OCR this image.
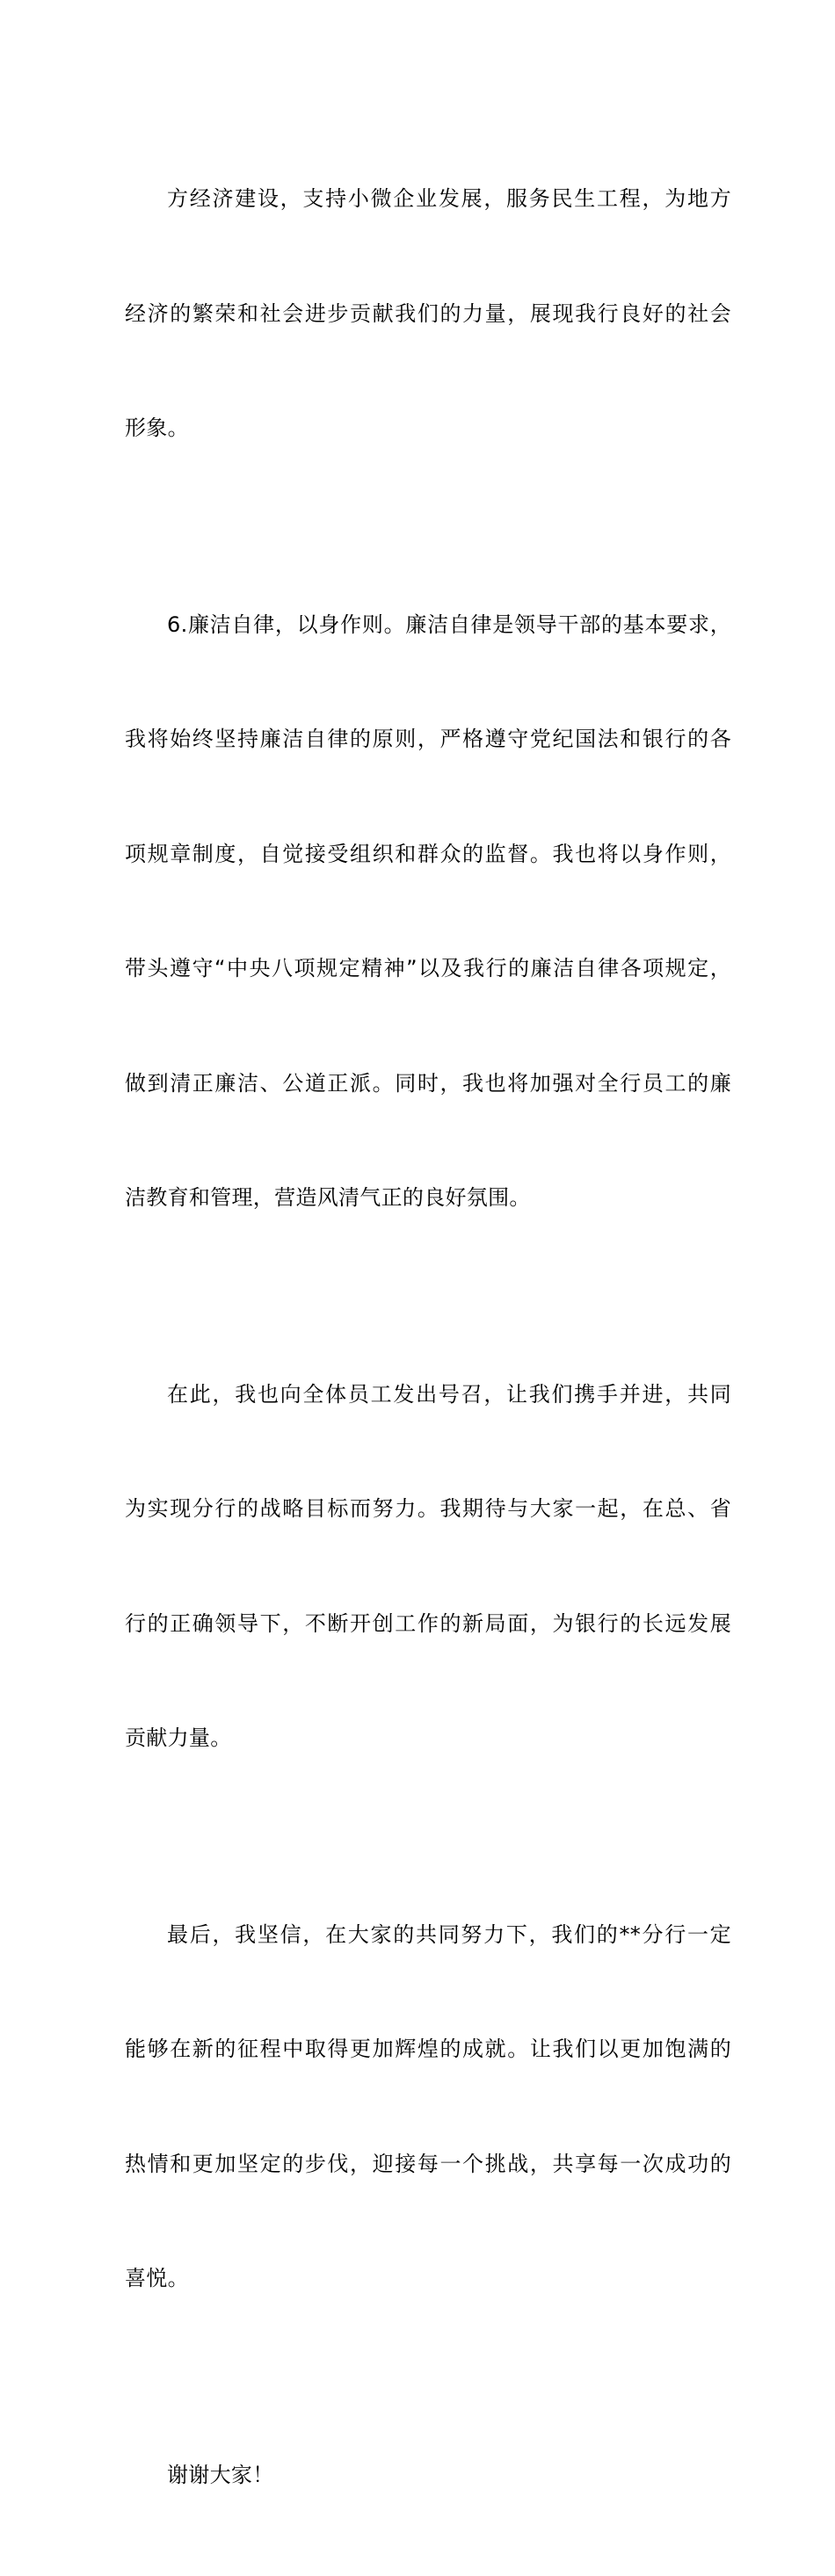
方经济建设，支持小微企业发展，服务民生工程，为地方

经济的繁荣和社会进步贡献我们的力量，展现我行良好的社会

形象。

6.廉洁自律，以身作则。廉洁自律是领导干部的基本要求，

我将始终坚持廉洁自律的原则，严格遵守党纪国法和银行的各

项规章制度，自觉接受组织和群众的监督。我也将以身作则，

带头遵守“中央八项规定精神”以及我行的廉洁自律各项规定，

做到清正廉洁、公道正派。同时，我也将加强对全行员工的廉

洁教育和管理，营造风清气正的良好氛围。

在此，我也向全体员工发出号召，让我们携手并进，共同

为实现分行的战略目标而努力。我期待与大家一起，在总、省

行的正确领导下，不断开创工作的新局面，为银行的长远发展

贡献力量。

最后，我坚信，在大家的共同努力下，我们的**分行一定

能够在新的征程中取得更加辉煌的成就。让我们以更加饱满的

热情和更加坚定的步伐，迎接每一个挑战，共享每一次成功的

喜悦。

谢谢大家！
